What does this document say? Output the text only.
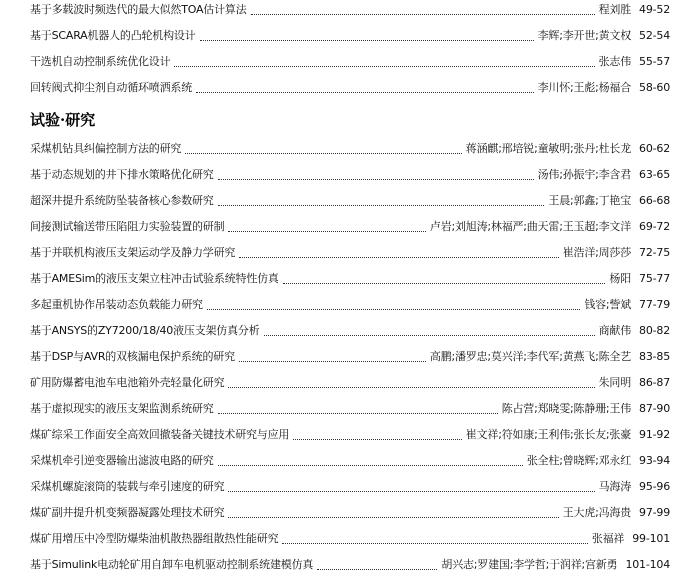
基于多载波时频迭代的最大似然TOA估计算法	程刘胜 49-52
基于SCARA机器人的凸轮机构设计	李辉;李开世;黄文权 52-54
干选机自动控制系统优化设计	张志伟 55-57
回转阀式抑尘剂自动循环喷洒系统	李川怀;王彪;杨福合 58-60
试验·研究
采煤机钻具纠偏控制方法的研究	蒋涵麒;邢培锐;童敏明;张丹;杜长龙 60-62
基于动态规划的井下排水策略优化研究	汤伟;孙振宇;李含君 63-65
超深井提升系统防坠装备核心参数研究	王晨;郭鑫;丁艳宝 66-68
间接测试输送带压陷阻力实验装置的研制	卢岩;刘旭涛;林福严;曲天雷;王玉超;李文洋 69-72
基于并联机构液压支架运动学及静力学研究	崔浩洋;周莎莎 72-75
基于AMESim的液压支架立柱冲击试验系统特性仿真	杨阳 75-77
多起重机协作吊装动态负载能力研究	钱容;訾斌 77-79
基于ANSYS的ZY7200/18/40液压支架仿真分析	商献伟 80-82
基于DSP与AVR的双核漏电保护系统的研究	高鹏;潘罗忠;莫兴洋;李代军;黄燕飞;陈全艺 83-85
矿用防爆蓄电池车电池箱外壳轻量化研究	朱同明 86-87
基于虚拟现实的液压支架监测系统研究	陈占营;郑晓雯;陈静珊;王伟 87-90
煤矿综采工作面安全高效回撤装备关键技术研究与应用	崔文祥;符如康;王利伟;张长友;张豪 91-92
采煤机牵引逆变器输出滤波电路的研究	张全柱;曾晓辉;邓永红 93-94
采煤机螺旋滚筒的装载与牵引速度的研究	马海涛 95-96
煤矿副井提升机变频器凝露处理技术研究	王大虎;冯海贵 97-99
煤矿用增压中冷型防爆柴油机散热器组散热性能研究	张福祥 99-101
基于Simulink电动轮矿用自卸车电机驱动控制系统建模仿真	胡兴志;罗建国;李学哲;于润祥;宫新勇 101-104
